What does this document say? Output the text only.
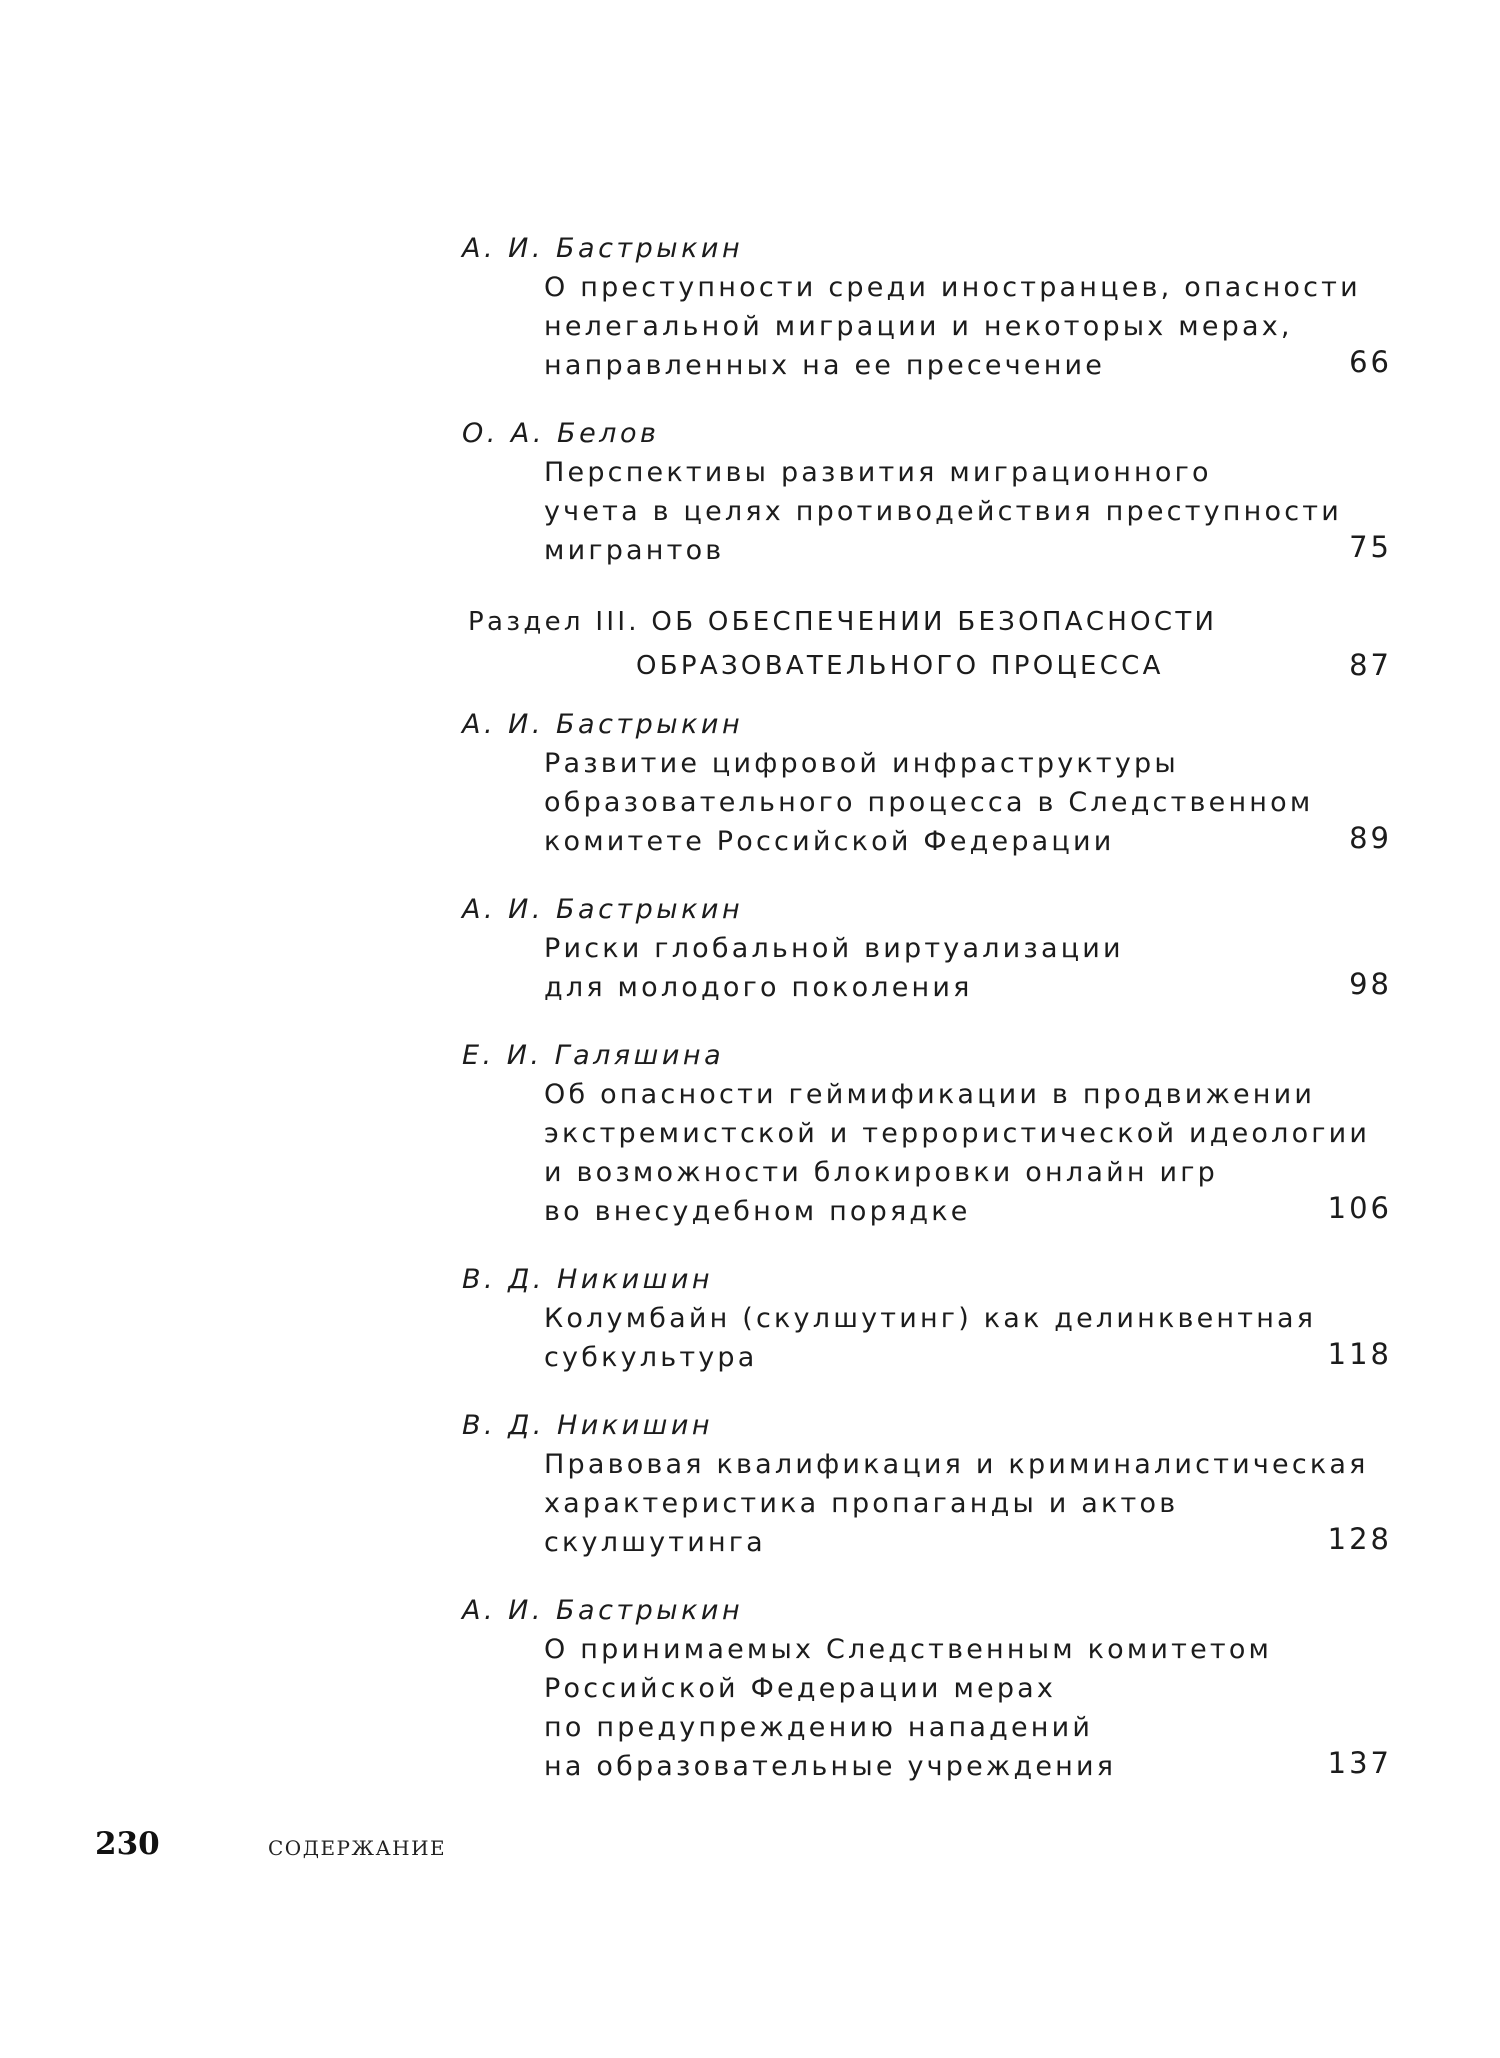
А. И. Бастрыкин
О преступности среди иностранцев, опасности
нелегальной миграции и некоторых мерах,
направленных на ее пресечение	66
О. А. Белов
Перспективы развития миграционного
учета в целях противодействия преступности
мигрантов	75
Раздел III. ОБ ОБЕСПЕЧЕНИИ БЕЗОПАСНОСТИ
ОБРАЗОВАТЕЛЬНОГО ПРОЦЕССА	87
А. И. Бастрыкин
Развитие цифровой инфраструктуры
образовательного процесса в Следственном
комитете Российской Федерации	89
А. И. Бастрыкин
Риски глобальной виртуализации
для молодого поколения	98
Е. И. Галяшина
Об опасности геймификации в продвижении
экстремистской и террористической идеологии
и возможности блокировки онлайн игр
во внесудебном порядке	106
В. Д. Никишин
Колумбайн (скулшутинг) как делинквентная
субкультура	118
В. Д. Никишин
Правовая квалификация и криминалистическая
характеристика пропаганды и актов
скулшутинга	128
А. И. Бастрыкин
О принимаемых Следственным комитетом
Российской Федерации мерах
по предупреждению нападений
на образовательные учреждения	137
230	СОДЕРЖАНИЕ
